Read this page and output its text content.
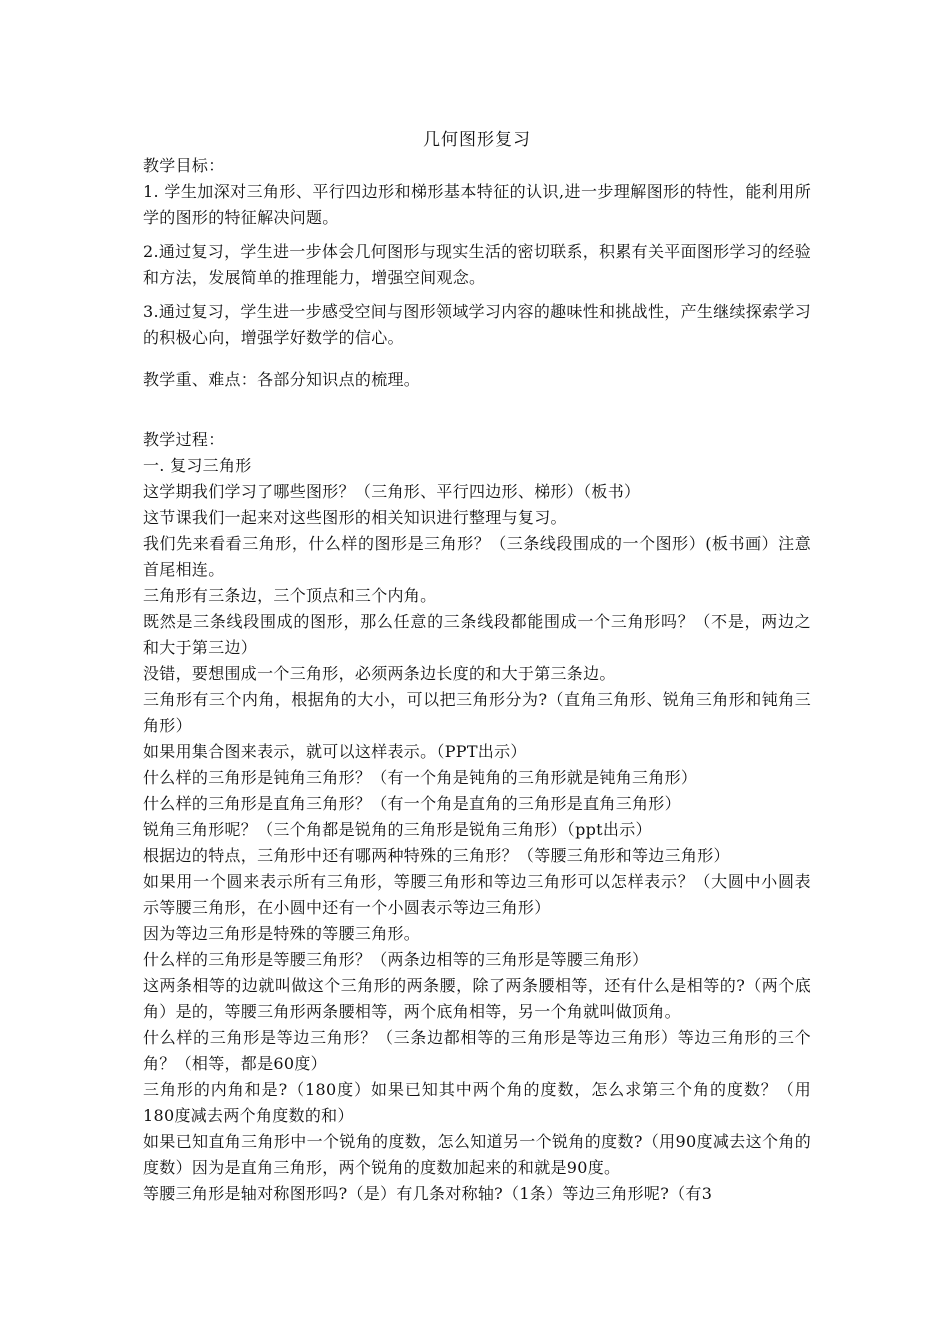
几何图形复习

教学目标：

1. 学生加深对三角形、平行四边形和梯形基本特征的认识,进一步理解图形的特性，能利用所学的图形的特征解决问题。

2.通过复习，学生进一步体会几何图形与现实生活的密切联系，积累有关平面图形学习的经验和方法，发展简单的推理能力，增强空间观念。

3.通过复习，学生进一步感受空间与图形领域学习内容的趣味性和挑战性，产生继续探索学习的积极心向，增强学好数学的信心。

教学重、难点：各部分知识点的梳理。

教学过程：

一. 复习三角形

这学期我们学习了哪些图形？（三角形、平行四边形、梯形）（板书）

这节课我们一起来对这些图形的相关知识进行整理与复习。

我们先来看看三角形，什么样的图形是三角形？（三条线段围成的一个图形）(板书画）注意首尾相连。

三角形有三条边，三个顶点和三个内角。

既然是三条线段围成的图形，那么任意的三条线段都能围成一个三角形吗？（不是，两边之和大于第三边）

没错，要想围成一个三角形，必须两条边长度的和大于第三条边。

三角形有三个内角，根据角的大小，可以把三角形分为?（直角三角形、锐角三角形和钝角三角形）

如果用集合图来表示，就可以这样表示。（PPT出示）

什么样的三角形是钝角三角形？（有一个角是钝角的三角形就是钝角三角形）

什么样的三角形是直角三角形？（有一个角是直角的三角形是直角三角形）

锐角三角形呢？（三个角都是锐角的三角形是锐角三角形）（ppt出示）

根据边的特点，三角形中还有哪两种特殊的三角形？（等腰三角形和等边三角形）

如果用一个圆来表示所有三角形，等腰三角形和等边三角形可以怎样表示？（大圆中小圆表示等腰三角形，在小圆中还有一个小圆表示等边三角形）

因为等边三角形是特殊的等腰三角形。

什么样的三角形是等腰三角形？（两条边相等的三角形是等腰三角形）

这两条相等的边就叫做这个三角形的两条腰，除了两条腰相等，还有什么是相等的?（两个底角）是的，等腰三角形两条腰相等，两个底角相等，另一个角就叫做顶角。

什么样的三角形是等边三角形？（三条边都相等的三角形是等边三角形）等边三角形的三个角？（相等，都是60度）

三角形的内角和是?（180度）如果已知其中两个角的度数，怎么求第三个角的度数？（用180度减去两个角度数的和）

如果已知直角三角形中一个锐角的度数，怎么知道另一个锐角的度数?（用90度减去这个角的度数）因为是直角三角形，两个锐角的度数加起来的和就是90度。

等腰三角形是轴对称图形吗?（是）有几条对称轴?（1条）等边三角形呢?（有3
